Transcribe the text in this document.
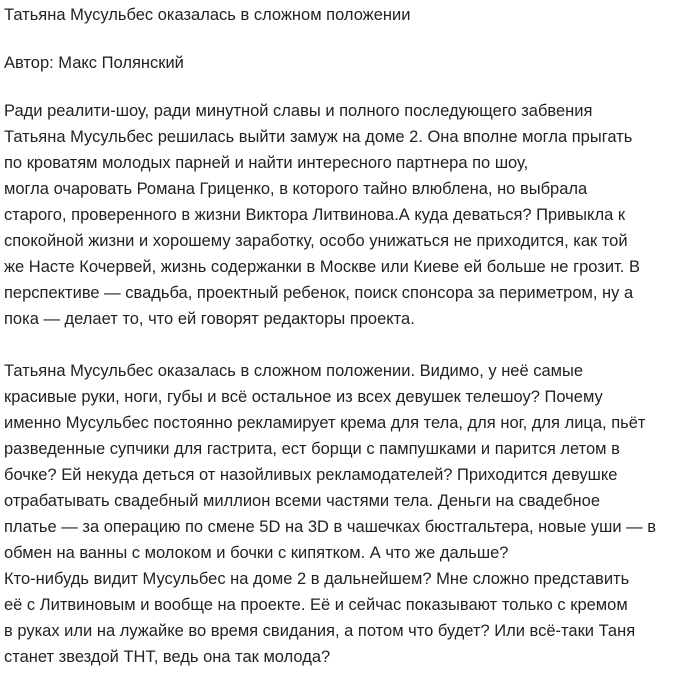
Татьяна Мусульбес оказалась в сложном положении

Автор: Макс Полянский

Ради реалити-шоу, ради минутной славы и полного последующего забвения
Татьяна Мусульбес решилась выйти замуж на доме 2. Она вполне могла прыгать
по кроватям молодых парней и найти интересного партнера по шоу,
могла очаровать Романа Гриценко, в которого тайно влюблена, но выбрала
старого, проверенного в жизни Виктора Литвинова.А куда деваться? Привыкла к
спокойной жизни и хорошему заработку, особо унижаться не приходится, как той
же Насте Кочервей, жизнь содержанки в Москве или Киеве ей больше не грозит. В
перспективе — свадьба, проектный ребенок, поиск спонсора за периметром, ну а
пока — делает то, что ей говорят редакторы проекта.
Татьяна Мусульбес оказалась в сложном положении. Видимо, у неё самые
красивые руки, ноги, губы и всё остальное из всех девушек телешоу? Почему
именно Мусульбес постоянно рекламирует крема для тела, для ног, для лица, пьёт
разведенные супчики для гастрита, ест борщи с пампушками и парится летом в
бочке? Ей некуда деться от назойливых рекламодателей? Приходится девушке
отрабатывать свадебный миллион всеми частями тела. Деньги на свадебное
платье — за операцию по смене 5D на 3D в чашечках бюстгальтера, новые уши — в
обмен на ванны с молоком и бочки с кипятком. А что же дальше?
Кто-нибудь видит Мусульбес на доме 2 в дальнейшем? Мне сложно представить
её с Литвиновым и вообще на проекте. Её и сейчас показывают только с кремом
в руках или на лужайке во время свидания, а потом что будет? Или всё-таки Таня
станет звездой ТНТ, ведь она так молода?
